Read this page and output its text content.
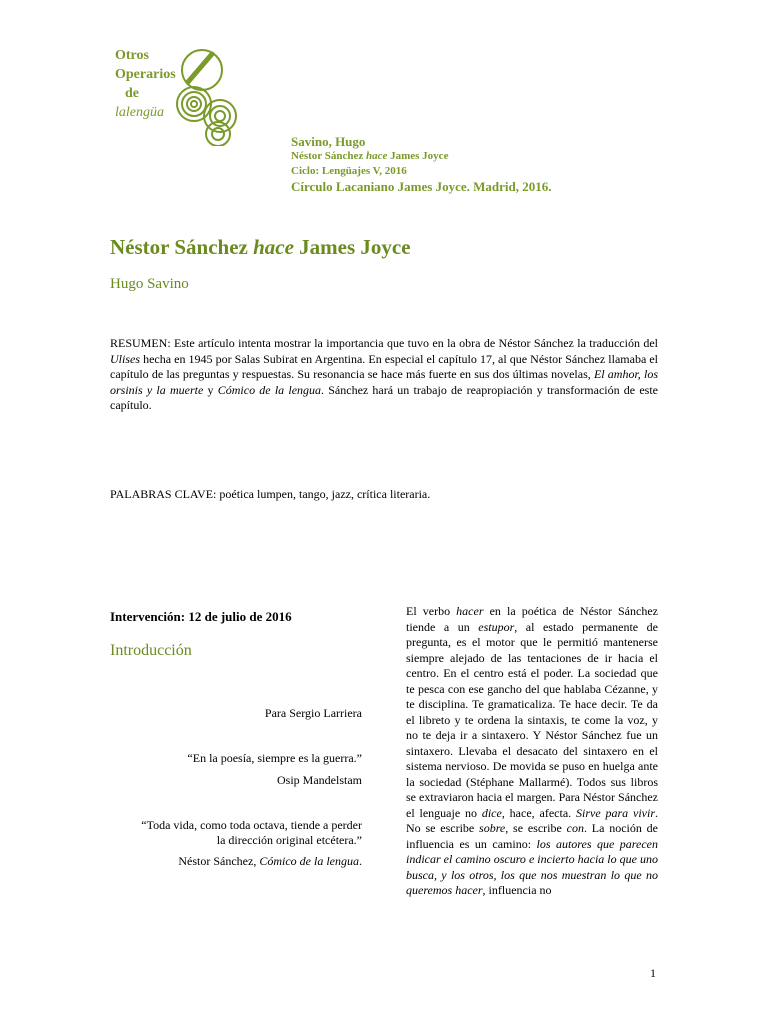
Otros
Operarios
de
lalengüa
Savino, Hugo
Néstor Sánchez hace James Joyce
Ciclo: Lengüajes V, 2016
Círculo Lacaniano James Joyce. Madrid, 2016.
Néstor Sánchez hace James Joyce
Hugo Savino
RESUMEN: Este artículo intenta mostrar la importancia que tuvo en la obra de Néstor Sánchez la traducción del Ulises hecha en 1945 por Salas Subirat en Argentina. En especial el capítulo 17, al que Néstor Sánchez llamaba el capítulo de las preguntas y respuestas. Su resonancia se hace más fuerte en sus dos últimas novelas, El amhor, los orsinis y la muerte y Cómico de la lengua. Sánchez hará un trabajo de reapropiación y transformación de este capítulo.
PALABRAS CLAVE: poética lumpen, tango, jazz, crítica literaria.
Intervención: 12 de julio de 2016
Introducción
Para Sergio Larriera
“En la poesía, siempre es la guerra.”
Osip Mandelstam
“Toda vida, como toda octava, tiende a perder la dirección original etcétera.”
Néstor Sánchez, Cómico de la lengua.
El verbo hacer en la poética de Néstor Sánchez tiende a un estupor, al estado permanente de pregunta, es el motor que le permitió mantenerse siempre alejado de las tentaciones de ir hacia el centro. En el centro está el poder. La sociedad que te pesca con ese gancho del que hablaba Cézanne, y te disciplina. Te gramaticaliza. Te hace decir. Te da el libreto y te ordena la sintaxis, te come la voz, y no te deja ir a sintaxero. Y Néstor Sánchez fue un sintaxero. Llevaba el desacato del sintaxero en el sistema nervioso. De movida se puso en huelga ante la sociedad (Stéphane Mallarmé). Todos sus libros se extraviaron hacia el margen. Para Néstor Sánchez el lenguaje no dice, hace, afecta. Sirve para vivir. No se escribe sobre, se escribe con. La noción de influencia es un camino: los autores que parecen indicar el camino oscuro e incierto hacia lo que uno busca, y los otros, los que nos muestran lo que no queremos hacer, influencia no
1
